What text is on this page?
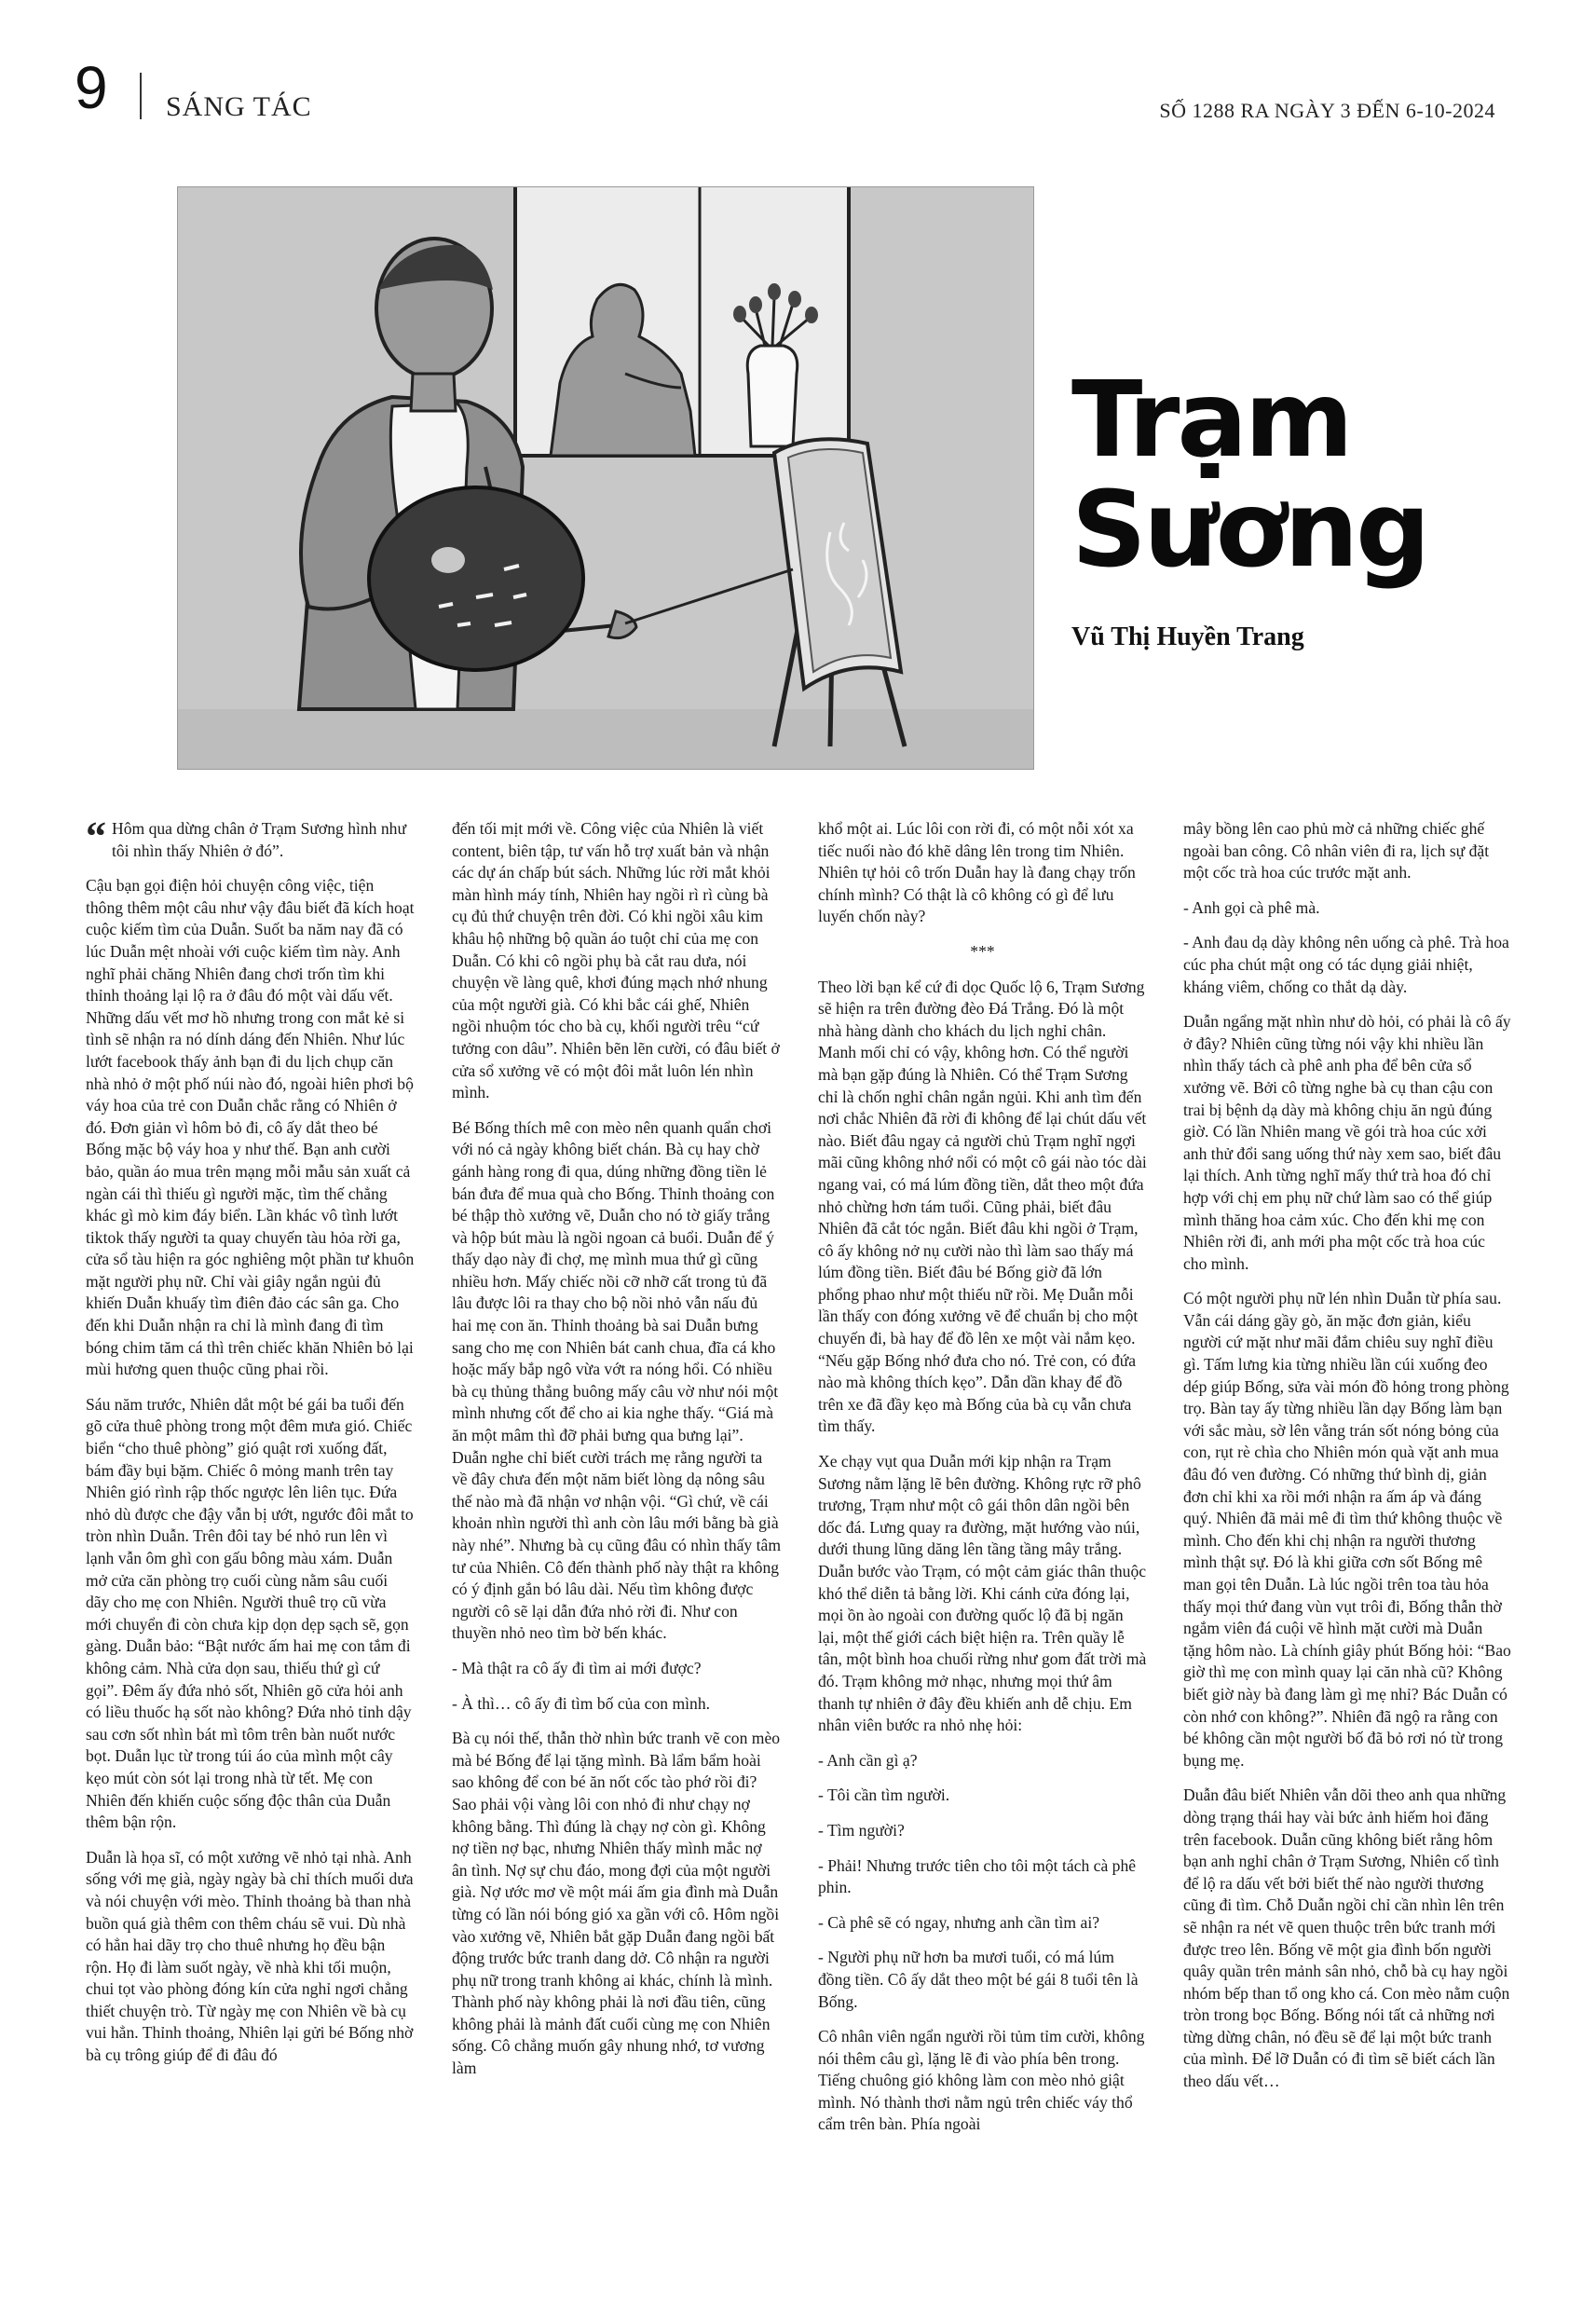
9 SÁNG TÁC	SỐ 1288 RA NGÀY 3 ĐẾN 6-10-2024
Trạm
Sương
Vũ Thị Huyền Trang

“ Hôm qua dừng chân ở Trạm Sương hình như tôi nhìn thấy Nhiên ở đó”.

Cậu bạn gọi điện hỏi chuyện công việc, tiện thông thêm một câu như vậy đâu biết đã kích hoạt cuộc kiếm tìm của Duẫn. Suốt ba năm nay đã có lúc Duẫn mệt nhoài với cuộc kiếm tìm này. Anh nghĩ phải chăng Nhiên đang chơi trốn tìm khi thỉnh thoảng lại lộ ra ở đâu đó một vài dấu vết. Những dấu vết mơ hồ nhưng trong con mắt kẻ si tình sẽ nhận ra nó dính dáng đến Nhiên. Như lúc lướt facebook thấy ảnh bạn đi du lịch chụp căn nhà nhỏ ở một phố núi nào đó, ngoài hiên phơi bộ váy hoa của trẻ con Duẫn chắc rằng có Nhiên ở đó. Đơn giản vì hôm bỏ đi, cô ấy dắt theo bé Bống mặc bộ váy hoa y như thế. Bạn anh cười bảo, quần áo mua trên mạng mỗi mẫu sản xuất cả ngàn cái thì thiếu gì người mặc, tìm thế chẳng khác gì mò kim đáy biển. Lần khác vô tình lướt tiktok thấy người ta quay chuyến tàu hỏa rời ga, cửa sổ tàu hiện ra góc nghiêng một phần tư khuôn mặt người phụ nữ. Chỉ vài giây ngắn ngủi đủ khiến Duẫn khuấy tìm điên đảo các sân ga. Cho đến khi Duẫn nhận ra chỉ là mình đang đi tìm bóng chim tăm cá thì trên chiếc khăn Nhiên bỏ lại mùi hương quen thuộc cũng phai rồi.

Sáu năm trước, Nhiên dắt một bé gái ba tuổi đến gõ cửa thuê phòng trong một đêm mưa gió. Chiếc biển “cho thuê phòng” gió quật rơi xuống đất, bám đầy bụi bặm. Chiếc ô mỏng manh trên tay Nhiên gió rình rập thốc ngược lên liên tục. Đứa nhỏ dù được che đậy vẫn bị ướt, ngước đôi mắt to tròn nhìn Duẫn. Trên đôi tay bé nhỏ run lên vì lạnh vẫn ôm ghì con gấu bông màu xám. Duẫn mở cửa căn phòng trọ cuối cùng nằm sâu cuối dãy cho mẹ con Nhiên. Người thuê trọ cũ vừa mới chuyển đi còn chưa kịp dọn dẹp sạch sẽ, gọn gàng. Duẫn bảo: “Bật nước ấm hai mẹ con tắm đi không cảm. Nhà cửa dọn sau, thiếu thứ gì cứ gọi”. Đêm ấy đứa nhỏ sốt, Nhiên gõ cửa hỏi anh có liều thuốc hạ sốt nào không? Đứa nhỏ tỉnh dậy sau cơn sốt nhìn bát mì tôm trên bàn nuốt nước bọt. Duẫn lục từ trong túi áo của mình một cây kẹo mút còn sót lại trong nhà từ tết. Mẹ con Nhiên đến khiến cuộc sống độc thân của Duẫn thêm bận rộn.

Duẫn là họa sĩ, có một xưởng vẽ nhỏ tại nhà. Anh sống với mẹ già, ngày ngày bà chỉ thích muối dưa và nói chuyện với mèo. Thỉnh thoảng bà than nhà buồn quá già thêm con thêm cháu sẽ vui. Dù nhà có hẳn hai dãy trọ cho thuê nhưng họ đều bận rộn. Họ đi làm suốt ngày, về nhà khi tối muộn, chui tọt vào phòng đóng kín cửa nghỉ ngơi chẳng thiết chuyện trò. Từ ngày mẹ con Nhiên về bà cụ vui hẳn. Thỉnh thoảng, Nhiên lại gửi bé Bống nhờ bà cụ trông giúp để đi đâu đó

đến tối mịt mới về. Công việc của Nhiên là viết content, biên tập, tư vấn hỗ trợ xuất bản và nhận các dự án chấp bút sách. Những lúc rời mắt khỏi màn hình máy tính, Nhiên hay ngồi rì rì cùng bà cụ đủ thứ chuyện trên đời. Có khi ngồi xâu kim khâu hộ những bộ quần áo tuột chỉ của mẹ con Duẫn. Có khi cô ngồi phụ bà cắt rau dưa, nói chuyện về làng quê, khơi đúng mạch nhớ nhung của một người già. Có khi bắc cái ghế, Nhiên ngồi nhuộm tóc cho bà cụ, khối người trêu “cứ tưởng con dâu”. Nhiên bẽn lẽn cười, có đâu biết ở cửa sổ xưởng vẽ có một đôi mắt luôn lén nhìn mình.

Bé Bống thích mê con mèo nên quanh quẩn chơi với nó cả ngày không biết chán. Bà cụ hay chờ gánh hàng rong đi qua, dúng những đồng tiền lẻ bán đưa để mua quà cho Bống. Thỉnh thoảng con bé thập thò xưởng vẽ, Duẫn cho nó tờ giấy trắng và hộp bút màu là ngồi ngoan cả buổi. Duẫn để ý thấy dạo này đi chợ, mẹ mình mua thứ gì cũng nhiều hơn. Mấy chiếc nồi cỡ nhỡ cất trong tủ đã lâu được lôi ra thay cho bộ nồi nhỏ vẫn nấu đủ hai mẹ con ăn. Thỉnh thoảng bà sai Duẫn bưng sang cho mẹ con Nhiên bát canh chua, đĩa cá kho hoặc mấy bắp ngô vừa vớt ra nóng hổi. Có nhiều bà cụ thủng thẳng buông mấy câu vờ như nói một mình nhưng cốt để cho ai kia nghe thấy. “Giá mà ăn một mâm thì đỡ phải bưng qua bưng lại”. Duẫn nghe chỉ biết cười trách mẹ rằng người ta về đây chưa đến một năm biết lòng dạ nông sâu thế nào mà đã nhận vơ nhận vội. “Gì chứ, về cái khoản nhìn người thì anh còn lâu mới bằng bà già này nhé”. Nhưng bà cụ cũng đâu có nhìn thấy tâm tư của Nhiên. Cô đến thành phố này thật ra không có ý định gắn bó lâu dài. Nếu tìm không được người cô sẽ lại dẫn đứa nhỏ rời đi. Như con thuyền nhỏ neo tìm bờ bến khác.

- Mà thật ra cô ấy đi tìm ai mới được?

- À thì… cô ấy đi tìm bố của con mình.

Bà cụ nói thế, thẫn thờ nhìn bức tranh vẽ con mèo mà bé Bống để lại tặng mình. Bà lẩm bẩm hoài sao không để con bé ăn nốt cốc tào phớ rồi đi? Sao phải vội vàng lôi con nhỏ đi như chạy nợ không bằng. Thì đúng là chạy nợ còn gì. Không nợ tiền nợ bạc, nhưng Nhiên thấy mình mắc nợ ân tình. Nợ sự chu đáo, mong đợi của một người già. Nợ ước mơ về một mái ấm gia đình mà Duẫn từng có lần nói bóng gió xa gần với cô. Hôm ngồi vào xưởng vẽ, Nhiên bắt gặp Duẫn đang ngồi bất động trước bức tranh dang dở. Cô nhận ra người phụ nữ trong tranh không ai khác, chính là mình. Thành phố này không phải là nơi đầu tiên, cũng không phải là mảnh đất cuối cùng mẹ con Nhiên sống. Cô chẳng muốn gây nhung nhớ, tơ vương làm

khổ một ai. Lúc lôi con rời đi, có một nỗi xót xa tiếc nuối nào đó khẽ dâng lên trong tim Nhiên. Nhiên tự hỏi cô trốn Duẫn hay là đang chạy trốn chính mình? Có thật là cô không có gì để lưu luyến chốn này?

***

Theo lời bạn kể cứ đi dọc Quốc lộ 6, Trạm Sương sẽ hiện ra trên đường đèo Đá Trắng. Đó là một nhà hàng dành cho khách du lịch nghỉ chân. Manh mối chỉ có vậy, không hơn. Có thể người mà bạn gặp đúng là Nhiên. Có thể Trạm Sương chỉ là chốn nghỉ chân ngắn ngủi. Khi anh tìm đến nơi chắc Nhiên đã rời đi không để lại chút dấu vết nào. Biết đâu ngay cả người chủ Trạm nghĩ ngợi mãi cũng không nhớ nổi có một cô gái nào tóc dài ngang vai, có má lúm đồng tiền, dắt theo một đứa nhỏ chừng hơn tám tuổi. Cũng phải, biết đâu Nhiên đã cắt tóc ngắn. Biết đâu khi ngồi ở Trạm, cô ấy không nở nụ cười nào thì làm sao thấy má lúm đồng tiền. Biết đâu bé Bống giờ đã lớn phổng phao như một thiếu nữ rồi. Mẹ Duẫn mỗi lần thấy con đóng xưởng vẽ để chuẩn bị cho một chuyến đi, bà hay để đồ lên xe một vài nắm kẹo. “Nếu gặp Bống nhớ đưa cho nó. Trẻ con, có đứa nào mà không thích kẹo”. Dẫn dần khay để đồ trên xe đã đầy kẹo mà Bống của bà cụ vẫn chưa tìm thấy.

Xe chạy vụt qua Duẫn mới kịp nhận ra Trạm Sương nằm lặng lẽ bên đường. Không rực rỡ phô trương, Trạm như một cô gái thôn dân ngồi bên dốc đá. Lưng quay ra đường, mặt hướng vào núi, dưới thung lũng dăng lên tầng tầng mây trắng. Duẫn bước vào Trạm, có một cảm giác thân thuộc khó thể diễn tả bằng lời. Khi cánh cửa đóng lại, mọi ồn ào ngoài con đường quốc lộ đã bị ngăn lại, một thế giới cách biệt hiện ra. Trên quầy lễ tân, một bình hoa chuối rừng như gom đất trời mà đó. Trạm không mở nhạc, nhưng mọi thứ âm thanh tự nhiên ở đây đều khiến anh dễ chịu. Em nhân viên bước ra nhỏ nhẹ hỏi:

- Anh cần gì ạ?

- Tôi cần tìm người.

- Tìm người?

- Phải! Nhưng trước tiên cho tôi một tách cà phê phin.

- Cà phê sẽ có ngay, nhưng anh cần tìm ai?

- Người phụ nữ hơn ba mươi tuổi, có má lúm đồng tiền. Cô ấy dắt theo một bé gái 8 tuổi tên là Bống.

Cô nhân viên ngẩn người rồi tủm tỉm cười, không nói thêm câu gì, lặng lẽ đi vào phía bên trong. Tiếng chuông gió không làm con mèo nhỏ giật mình. Nó thành thơi nằm ngủ trên chiếc váy thổ cẩm trên bàn. Phía ngoài

mây bồng lên cao phủ mờ cả những chiếc ghế ngoài ban công. Cô nhân viên đi ra, lịch sự đặt một cốc trà hoa cúc trước mặt anh.

- Anh gọi cà phê mà.

- Anh đau dạ dày không nên uống cà phê. Trà hoa cúc pha chút mật ong có tác dụng giải nhiệt, kháng viêm, chống co thắt dạ dày.

Duẫn ngẩng mặt nhìn như dò hỏi, có phải là cô ấy ở đây? Nhiên cũng từng nói vậy khi nhiều lần nhìn thấy tách cà phê anh pha để bên cửa sổ xưởng vẽ. Bởi cô từng nghe bà cụ than cậu con trai bị bệnh dạ dày mà không chịu ăn ngủ đúng giờ. Có lần Nhiên mang về gói trà hoa cúc xởi anh thử đổi sang uống thứ này xem sao, biết đâu lại thích. Anh từng nghĩ mấy thứ trà hoa đó chỉ hợp với chị em phụ nữ chứ làm sao có thể giúp mình thăng hoa cảm xúc. Cho đến khi mẹ con Nhiên rời đi, anh mới pha một cốc trà hoa cúc cho mình.

Có một người phụ nữ lén nhìn Duẫn từ phía sau. Vẫn cái dáng gầy gò, ăn mặc đơn giản, kiểu người cứ mặt như mãi đắm chiêu suy nghĩ điều gì. Tấm lưng kia từng nhiều lần cúi xuống đeo dép giúp Bống, sửa vài món đồ hỏng trong phòng trọ. Bàn tay ấy từng nhiều lần dạy Bống làm bạn với sắc màu, sờ lên vằng trán sốt nóng bỏng của con, rụt rè chìa cho Nhiên món quà vặt anh mua đâu đó ven đường. Có những thứ bình dị, giản đơn chỉ khi xa rồi mới nhận ra ấm áp và đáng quý. Nhiên đã mải mê đi tìm thứ không thuộc về mình. Cho đến khi chị nhận ra người thương mình thật sự. Đó là khi giữa cơn sốt Bống mê man gọi tên Duẫn. Là lúc ngồi trên toa tàu hỏa thấy mọi thứ đang vùn vụt trôi đi, Bống thẫn thờ ngắm viên đá cuội vẽ hình mặt cười mà Duẫn tặng hôm nào. Là chính giây phút Bống hỏi: “Bao giờ thì mẹ con mình quay lại căn nhà cũ? Không biết giờ này bà đang làm gì mẹ nhỉ? Bác Duẫn có còn nhớ con không?”. Nhiên đã ngộ ra rằng con bé không cần một người bố đã bỏ rơi nó từ trong bụng mẹ.

Duẫn đâu biết Nhiên vẫn dõi theo anh qua những dòng trạng thái hay vài bức ảnh hiếm hoi đăng trên facebook. Duẫn cũng không biết rằng hôm bạn anh nghỉ chân ở Trạm Sương, Nhiên cố tình để lộ ra dấu vết bởi biết thế nào người thương cũng đi tìm. Chỗ Duẫn ngồi chỉ cần nhìn lên trên sẽ nhận ra nét vẽ quen thuộc trên bức tranh mới được treo lên. Bống vẽ một gia đình bốn người quây quần trên mảnh sân nhỏ, chỗ bà cụ hay ngồi nhóm bếp than tổ ong kho cá. Con mèo nằm cuộn tròn trong bọc Bống. Bống nói tất cả những nơi từng dừng chân, nó đều sẽ để lại một bức tranh của mình. Để lỡ Duẫn có đi tìm sẽ biết cách lần theo dấu vết…
